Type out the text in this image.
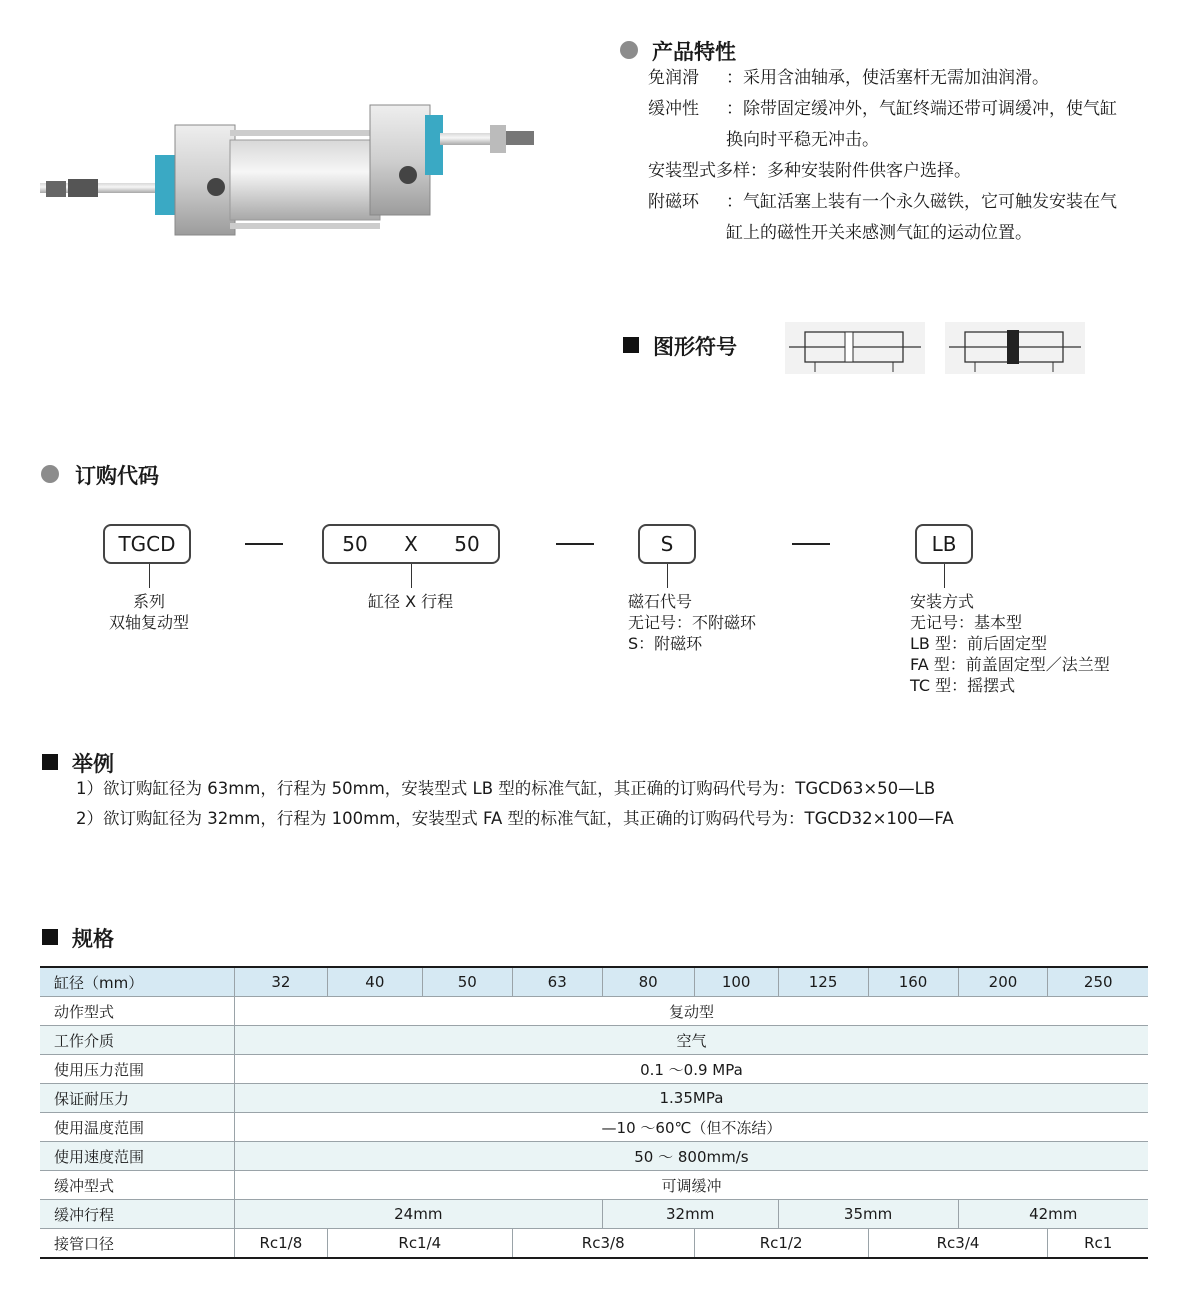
产品特性
免润滑 ：采用含油轴承，使活塞杆无需加油润滑。
缓冲性 ：除带固定缓冲外，气缸终端还带可调缓冲，使气缸
换向时平稳无冲击。
安装型式多样：多种安装附件供客户选择。
附磁环 ：气缸活塞上装有一个永久磁铁，它可触发安装在气
缸上的磁性开关来感测气缸的运动位置。
图形符号
订购代码
TGCD	50 X 50	S	LB
系列
双轴复动型
缸径 X 行程	磁石代号
无记号：不附磁环
S：附磁环
安装方式
无记号：基本型
LB 型：前后固定型
FA 型：前盖固定型／法兰型
TC 型：摇摆式
举例
1）欲订购缸径为 63mm，行程为 50mm，安装型式 LB 型的标准气缸，其正确的订购码代号为：TGCD63×50—LB
2）欲订购缸径为 32mm，行程为 100mm，安装型式 FA 型的标准气缸，其正确的订购码代号为：TGCD32×100—FA
规格
缸径（mm）	32	40	50	63	80	100	125	160	200	250
动作型式	复动型									
工作介质	空气									
使用压力范围	0.1 ～0.9 MPa									
保证耐压力	1.35MPa									
使用温度范围	—10 ～60℃（但不冻结）									
使用速度范围	50 ～ 800mm/s									
缓冲型式	可调缓冲									
缓冲行程	24mm				32mm		35mm		42mm	
接管口径	Rc1/8	Rc1/4		Rc3/8		Rc1/2		Rc3/4		Rc1
